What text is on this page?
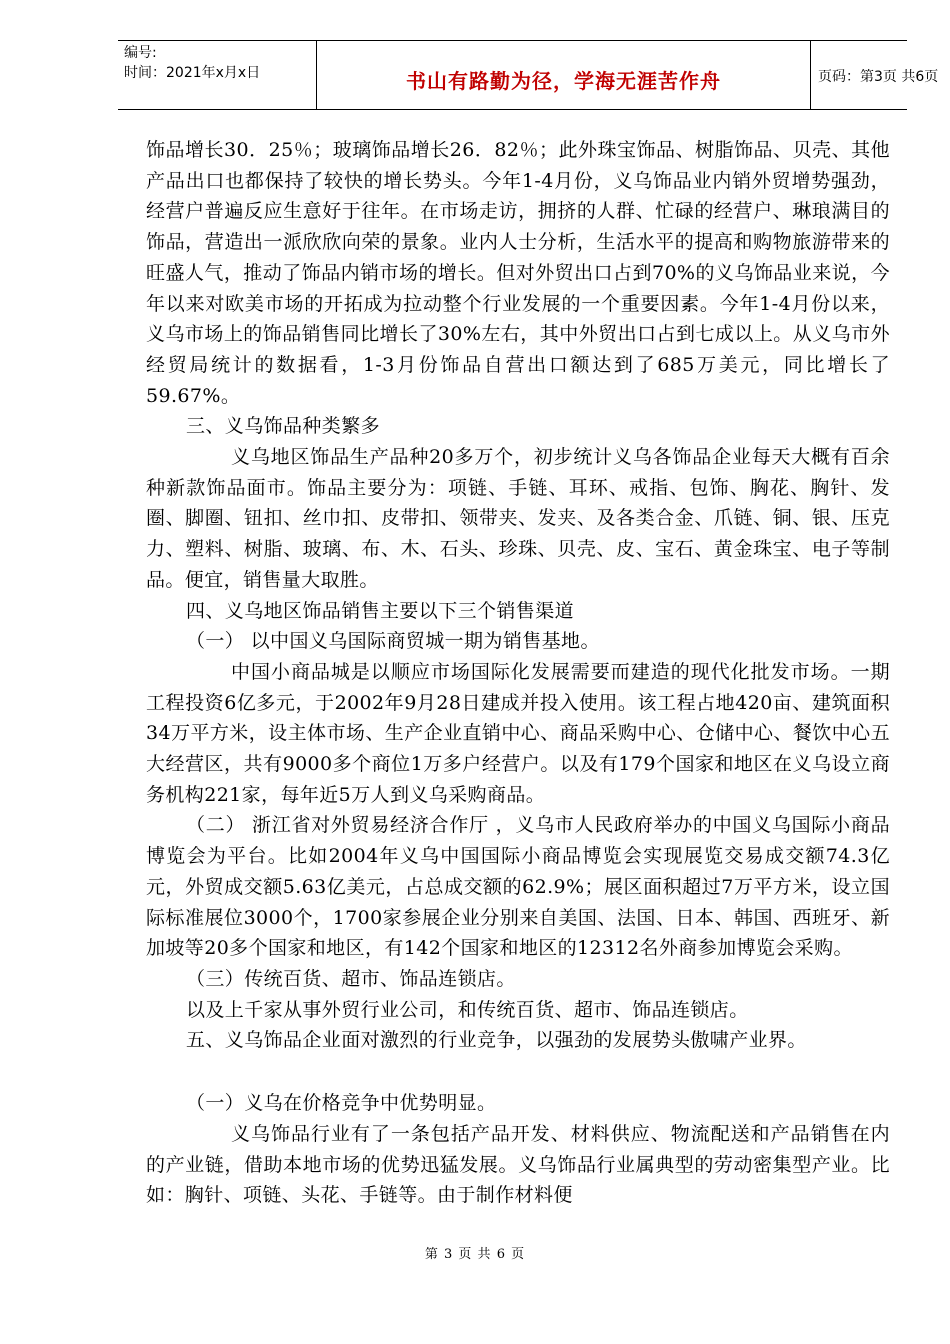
编号:
时间：2021年x月x日	书山有路勤为径，学海无涯苦作舟	页码：第3页 共6页

饰品增长30．25％；玻璃饰品增长26．82％；此外珠宝饰品、树脂饰品、贝壳、其他产品出口也都保持了较快的增长势头。今年1-4月份，义乌饰品业内销外贸增势强劲，经营户普遍反应生意好于往年。在市场走访，拥挤的人群、忙碌的经营户、琳琅满目的饰品，营造出一派欣欣向荣的景象。业内人士分析，生活水平的提高和购物旅游带来的旺盛人气，推动了饰品内销市场的增长。但对外贸出口占到70%的义乌饰品业来说，今年以来对欧美市场的开拓成为拉动整个行业发展的一个重要因素。今年1-4月份以来，义乌市场上的饰品销售同比增长了30%左右，其中外贸出口占到七成以上。从义乌市外经贸局统计的数据看，1-3月份饰品自营出口额达到了685万美元，同比增长了59.67%。

三、义乌饰品种类繁多

义乌地区饰品生产品种20多万个，初步统计义乌各饰品企业每天大概有百余种新款饰品面市。饰品主要分为：项链、手链、耳环、戒指、包饰、胸花、胸针、发圈、脚圈、钮扣、丝巾扣、皮带扣、领带夹、发夹、及各类合金、爪链、铜、银、压克力、塑料、树脂、玻璃、布、木、石头、珍珠、贝壳、皮、宝石、黄金珠宝、电子等制品。便宜，销售量大取胜。

四、义乌地区饰品销售主要以下三个销售渠道

（一） 以中国义乌国际商贸城一期为销售基地。

中国小商品城是以顺应市场国际化发展需要而建造的现代化批发市场。一期工程投资6亿多元，于2002年9月28日建成并投入使用。该工程占地420亩、建筑面积34万平方米，设主体市场、生产企业直销中心、商品采购中心、仓储中心、餐饮中心五大经营区，共有9000多个商位1万多户经营户。以及有179个国家和地区在义乌设立商务机构221家，每年近5万人到义乌采购商品。

（二） 浙江省对外贸易经济合作厅 ，义乌市人民政府举办的中国义乌国际小商品博览会为平台。比如2004年义乌中国国际小商品博览会实现展览交易成交额74.3亿元，外贸成交额5.63亿美元，占总成交额的62.9%；展区面积超过7万平方米，设立国际标准展位3000个，1700家参展企业分别来自美国、法国、日本、韩国、西班牙、新加坡等20多个国家和地区，有142个国家和地区的12312名外商参加博览会采购。

（三）传统百货、超市、饰品连锁店。

以及上千家从事外贸行业公司，和传统百货、超市、饰品连锁店。

五、义乌饰品企业面对激烈的行业竞争，以强劲的发展势头傲啸产业界。

（一）义乌在价格竞争中优势明显。

义乌饰品行业有了一条包括产品开发、材料供应、物流配送和产品销售在内的产业链，借助本地市场的优势迅猛发展。义乌饰品行业属典型的劳动密集型产业。比如：胸针、项链、头花、手链等。由于制作材料便

第 3 页 共 6 页
